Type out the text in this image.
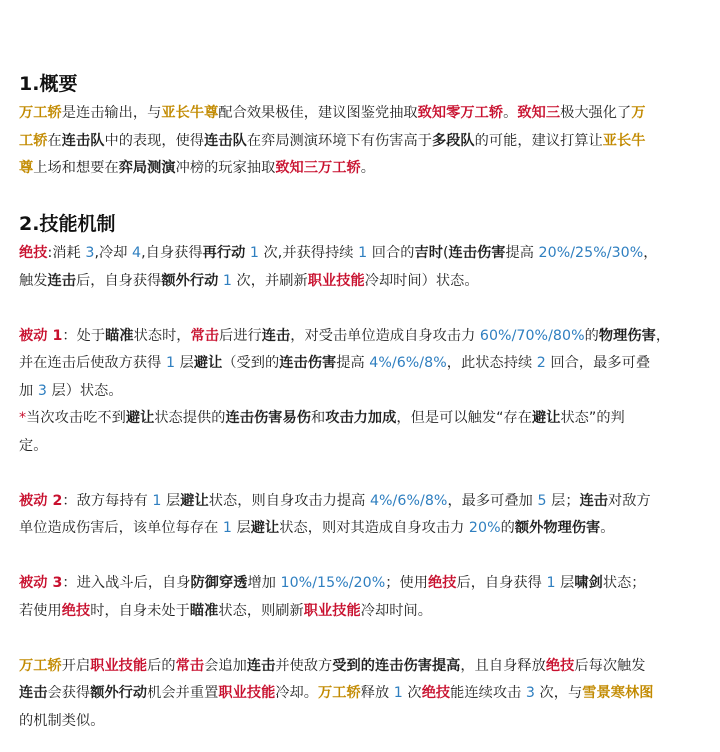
1.概要

万工轿是连击输出，与亚长牛尊配合效果极佳，建议图鉴党抽取致知零万工轿。致知三极大强化了万

工轿在连击队中的表现，使得连击队在弈局测演环境下有伤害高于多段队的可能，建议打算让亚长牛

尊上场和想要在弈局测演冲榜的玩家抽取致知三万工轿。

2.技能机制

绝技:消耗 3,冷却 4,自身获得再行动 1 次,并获得持续 1 回合的吉时(连击伤害提高 20%/25%/30%，

触发连击后，自身获得额外行动 1 次，并刷新职业技能冷却时间）状态。

被动 1：处于瞄准状态时，常击后进行连击，对受击单位造成自身攻击力 60%/70%/80%的物理伤害，

并在连击后使敌方获得 1 层避让（受到的连击伤害提高 4%/6%/8%，此状态持续 2 回合，最多可叠

加 3 层）状态。

*当次攻击吃不到避让状态提供的连击伤害易伤和攻击力加成，但是可以触发“存在避让状态”的判

定。

被动 2：敌方每持有 1 层避让状态，则自身攻击力提高 4%/6%/8%，最多可叠加 5 层；连击对敌方

单位造成伤害后，该单位每存在 1 层避让状态，则对其造成自身攻击力 20%的额外物理伤害。

被动 3：进入战斗后，自身防御穿透增加 10%/15%/20%；使用绝技后，自身获得 1 层啸剑状态；

若使用绝技时，自身未处于瞄准状态，则刷新职业技能冷却时间。

万工轿开启职业技能后的常击会追加连击并使敌方受到的连击伤害提高，且自身释放绝技后每次触发

连击会获得额外行动机会并重置职业技能冷却。万工轿释放 1 次绝技能连续攻击 3 次，与雪景寒林图

的机制类似。
